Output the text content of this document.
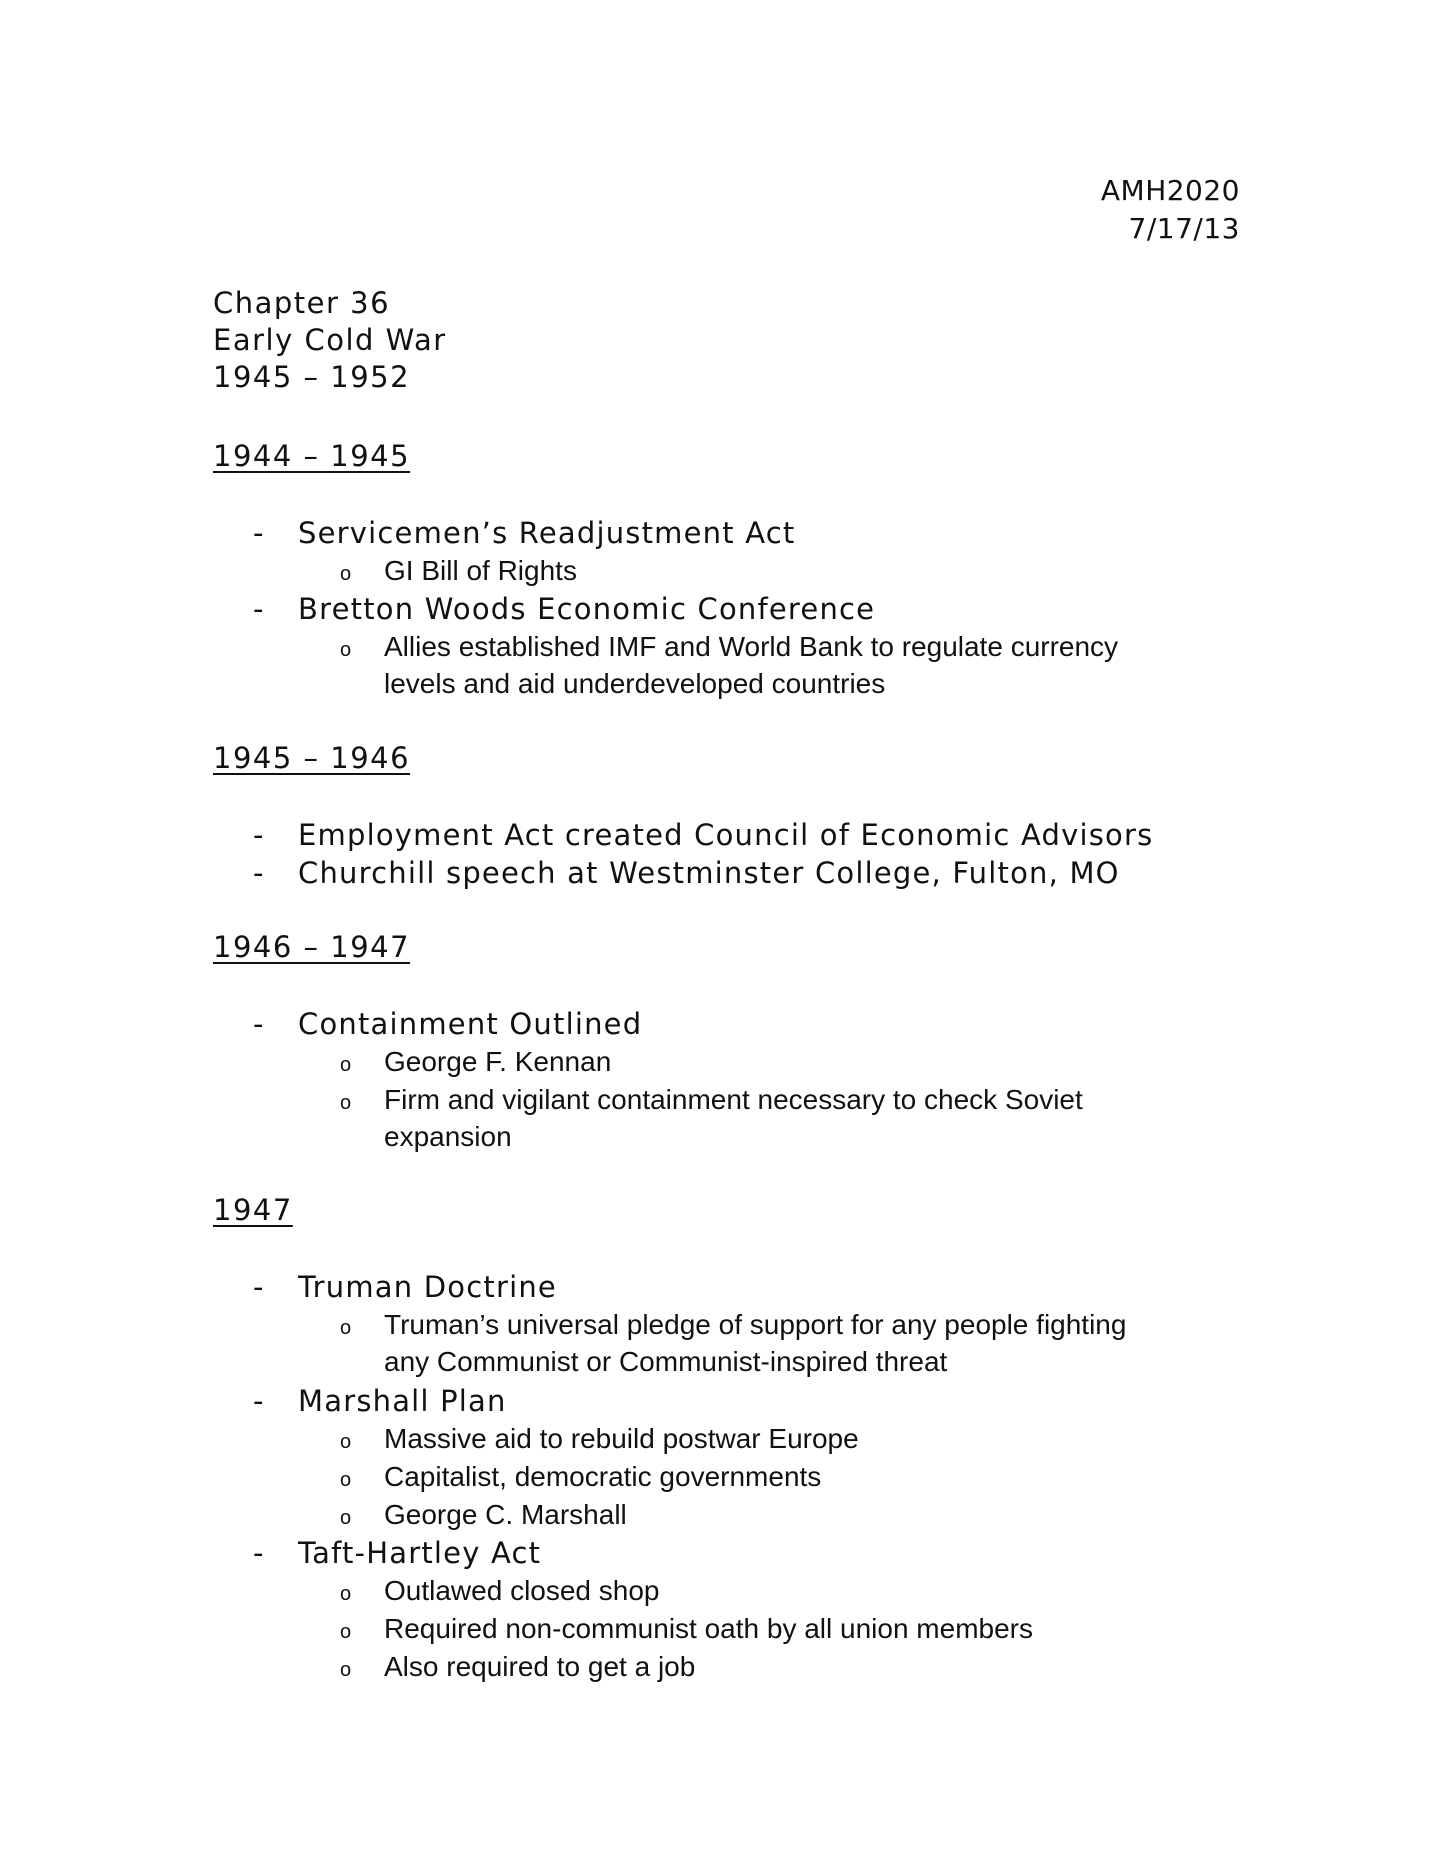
AMH2020
7/17/13
Chapter 36
Early Cold War
1945 – 1952
1944 – 1945
- Servicemen’s Readjustment Act
o GI Bill of Rights
- Bretton Woods Economic Conference
o Allies established IMF and World Bank to regulate currency
levels and aid underdeveloped countries
1945 – 1946
- Employment Act created Council of Economic Advisors
- Churchill speech at Westminster College, Fulton, MO
1946 – 1947
- Containment Outlined
o George F. Kennan
o Firm and vigilant containment necessary to check Soviet
expansion
1947
- Truman Doctrine
o Truman’s universal pledge of support for any people fighting
any Communist or Communist-inspired threat
- Marshall Plan
o Massive aid to rebuild postwar Europe
o Capitalist, democratic governments
o George C. Marshall
- Taft-Hartley Act
o Outlawed closed shop
o Required non-communist oath by all union members
o Also required to get a job
